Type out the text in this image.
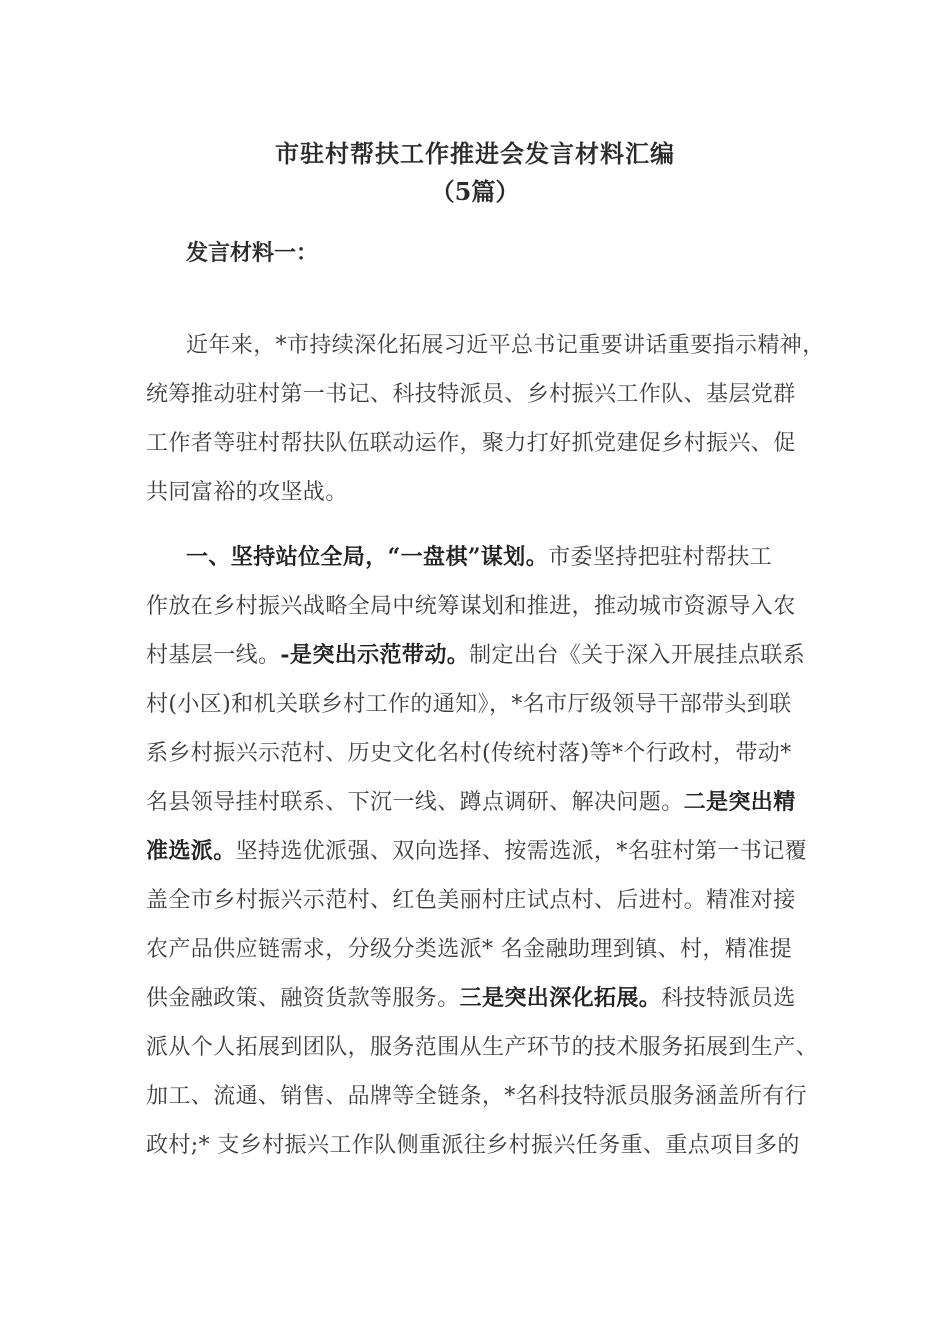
市驻村帮扶工作推进会发言材料汇编
（5篇）
发言材料一：
近年来，*市持续深化拓展习近平总书记重要讲话重要指示精神，
统筹推动驻村第一书记、科技特派员、乡村振兴工作队、基层党群
工作者等驻村帮扶队伍联动运作，聚力打好抓党建促乡村振兴、促
共同富裕的攻坚战。
一、坚持站位全局，“一盘棋”谋划。市委坚持把驻村帮扶工
作放在乡村振兴战略全局中统筹谋划和推进，推动城市资源导入农
村基层一线。-是突出示范带动。制定出台《关于深入开展挂点联系
村(小区)和机关联乡村工作的通知》，*名市厅级领导干部带头到联
系乡村振兴示范村、历史文化名村(传统村落)等*个行政村，带动*
名县领导挂村联系、下沉一线、蹲点调研、解决问题。二是突出精
准选派。坚持选优派强、双向选择、按需选派，*名驻村第一书记覆
盖全市乡村振兴示范村、红色美丽村庄试点村、后进村。精准对接
农产品供应链需求，分级分类选派* 名金融助理到镇、村，精准提
供金融政策、融资货款等服务。三是突出深化拓展。科技特派员选
派从个人拓展到团队，服务范围从生产环节的技术服务拓展到生产、
加工、流通、销售、品牌等全链条，*名科技特派员服务涵盖所有行
政村;* 支乡村振兴工作队侧重派往乡村振兴任务重、重点项目多的
